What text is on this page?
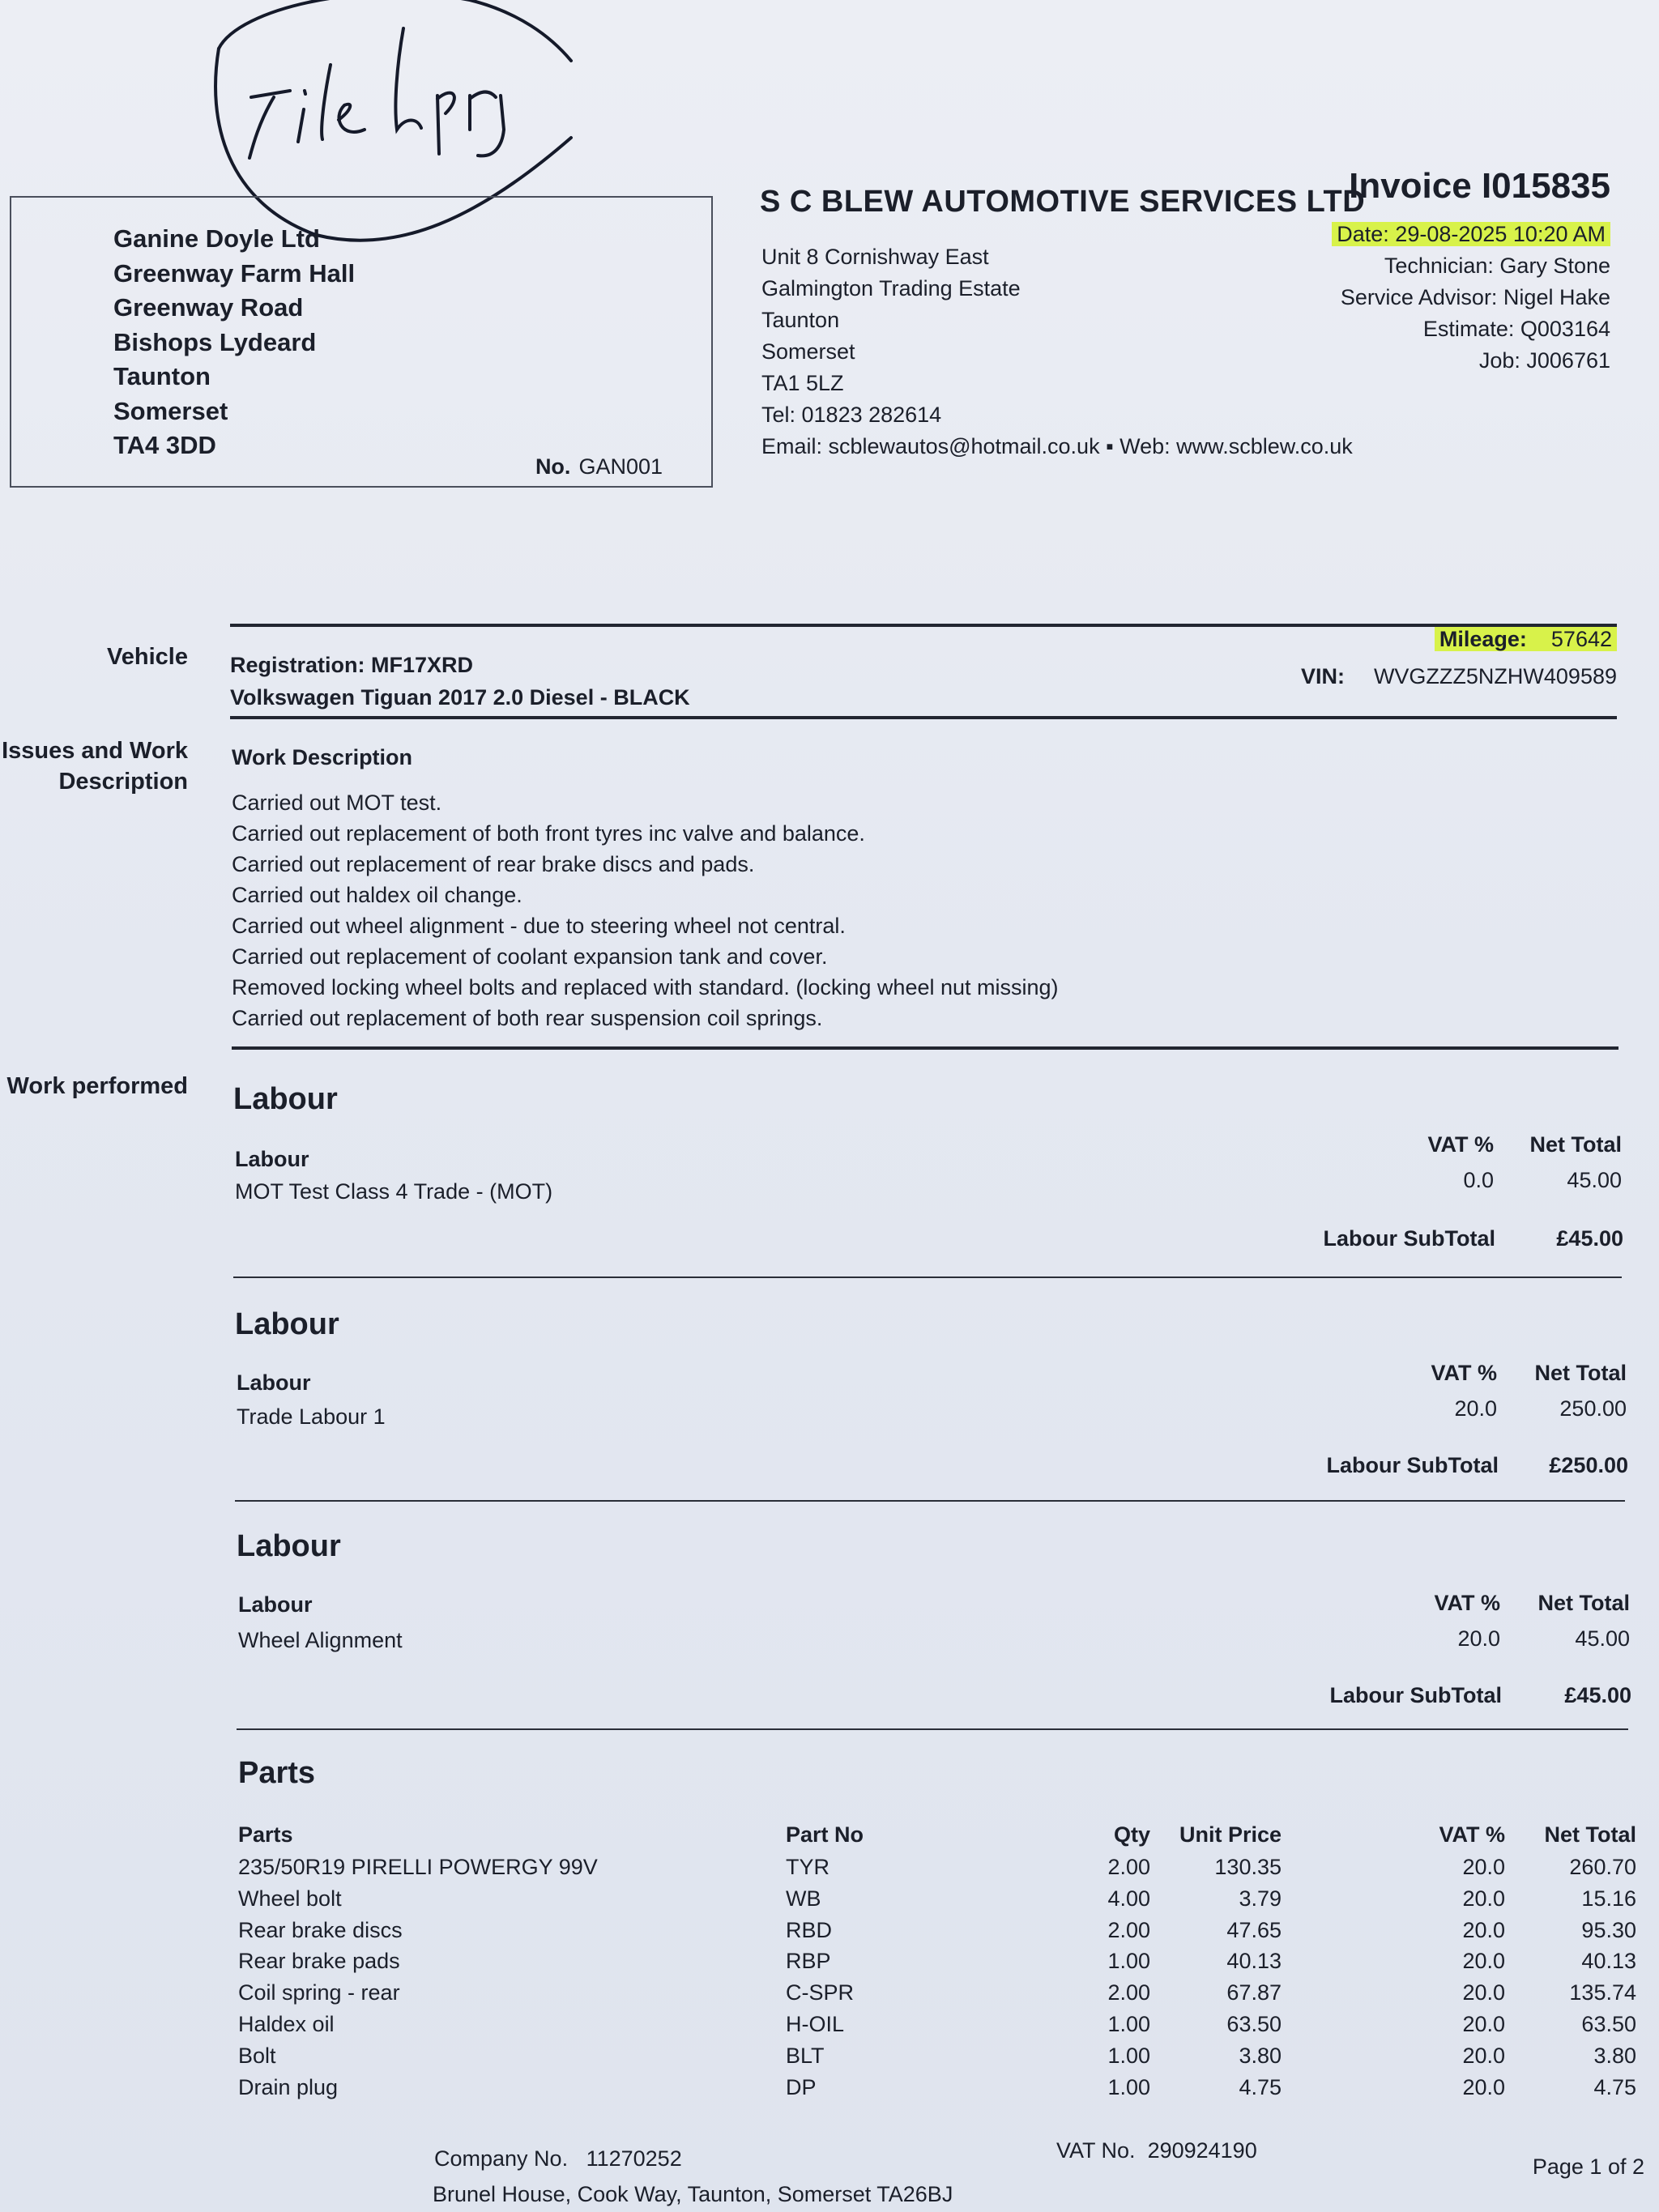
Ganine Doyle Ltd
Greenway Farm Hall
Greenway Road
Bishops Lydeard
Taunton
Somerset
TA4 3DD
No. GAN001
S C BLEW AUTOMOTIVE SERVICES LTD
Unit 8 Cornishway East
Galmington Trading Estate
Taunton
Somerset
TA1 5LZ
Tel: 01823 282614
Email: scblewautos@hotmail.co.uk ▪ Web: www.scblew.co.uk
Invoice I015835
Date: 29-08-2025 10:20 AM
Technician: Gary Stone
Service Advisor: Nigel Hake
Estimate: Q003164
Job: J006761
Vehicle Registration: MF17XRD
Volkswagen Tiguan 2017 2.0 Diesel - BLACK
Mileage: 57642
VIN: WVGZZZ5NZHW409589
Issues and Work
Description
Work Description
Carried out MOT test.
Carried out replacement of both front tyres inc valve and balance.
Carried out replacement of rear brake discs and pads.
Carried out haldex oil change.
Carried out wheel alignment - due to steering wheel not central.
Carried out replacement of coolant expansion tank and cover.
Removed locking wheel bolts and replaced with standard. (locking wheel nut missing)
Carried out replacement of both rear suspension coil springs.
Work performed Labour
Labour
VAT % Net Total
MOT Test Class 4 Trade - (MOT)	0.0	45.00
Labour SubTotal	£45.00
Labour
Labour	VAT % Net Total
Trade Labour 1	20.0	250.00
Labour SubTotal £250.00
Labour
Labour	VAT % Net Total
Wheel Alignment	20.0	45.00
Labour SubTotal	£45.00
Parts
Parts	Part No	Qty Unit Price	VAT % Net Total
235/50R19 PIRELLI POWERGY 99V	TYR	2.00	130.35	20.0	260.70
Wheel bolt	WB	4.00	3.79	20.0	15.16
Rear brake discs	RBD	2.00	47.65	20.0	95.30
Rear brake pads	RBP	1.00	40.13	20.0	40.13
Coil spring - rear	C-SPR	2.00	67.87	20.0	135.74
Haldex oil	H-OIL	1.00	63.50	20.0	63.50
Bolt	BLT	1.00	3.80	20.0	3.80
Drain plug	DP	1.00	4.75	20.0	4.75
Company No. 11270252	VAT No. 290924190
Page 1 of 2
Brunel House, Cook Way, Taunton, Somerset TA26BJ
